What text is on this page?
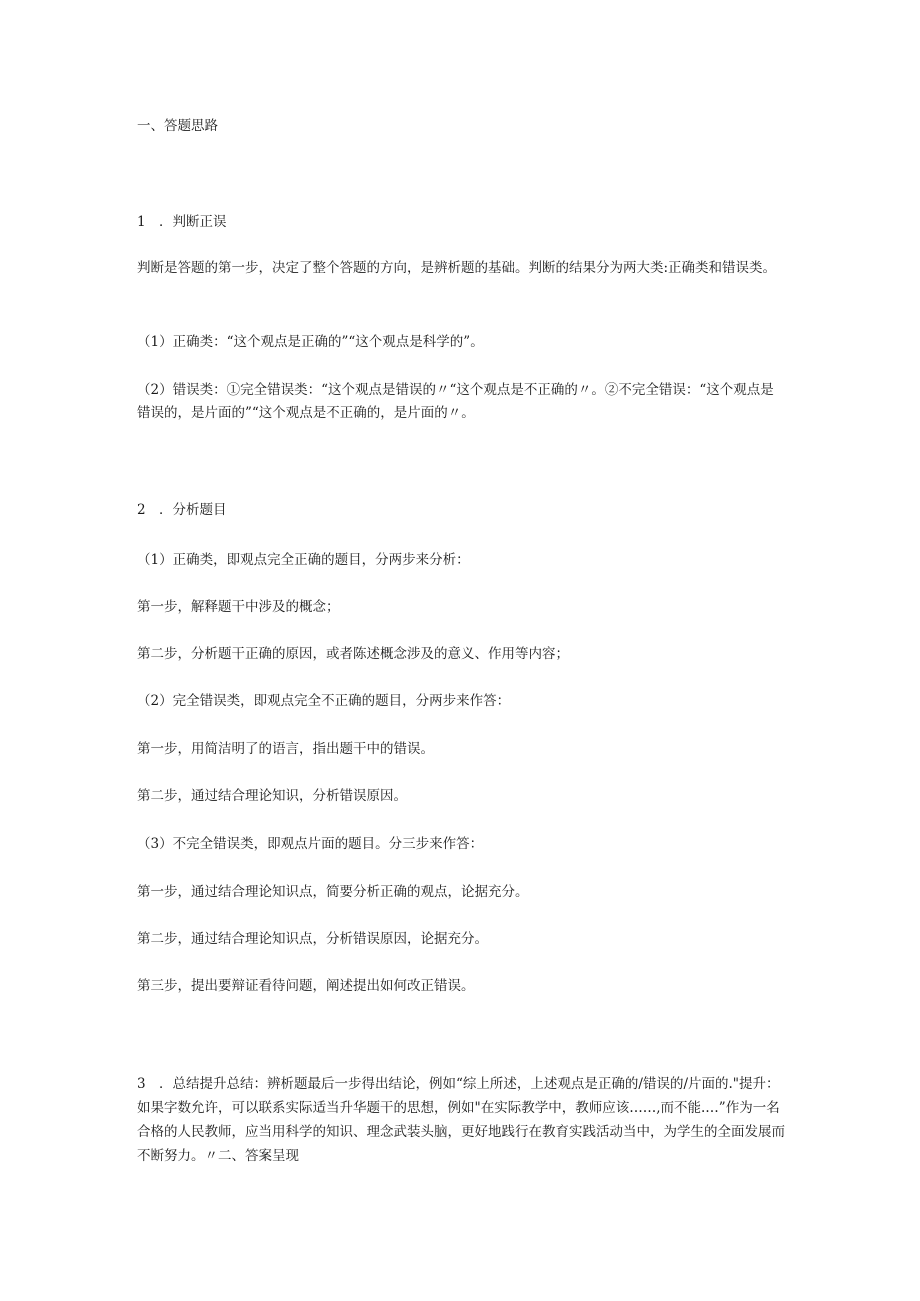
一、答题思路
1 ．判断正误
判断是答题的第一步，决定了整个答题的方向，是辨析题的基础。判断的结果分为两大类:正确类和错误类。
（1）正确类：“这个观点是正确的”“这个观点是科学的”。
（2）错误类：①完全错误类：“这个观点是错误的〃“这个观点是不正确的〃。②不完全错误：“这个观点是错误的，是片面的”“这个观点是不正确的，是片面的〃。
2 ．分析题目
（1）正确类，即观点完全正确的题目，分两步来分析：
第一步，解释题干中涉及的概念；
第二步，分析题干正确的原因，或者陈述概念涉及的意义、作用等内容；
（2）完全错误类，即观点完全不正确的题目，分两步来作答：
第一步，用简洁明了的语言，指出题干中的错误。
第二步，通过结合理论知识，分析错误原因。
（3）不完全错误类，即观点片面的题目。分三步来作答：
第一步，通过结合理论知识点，简要分析正确的观点，论据充分。
第二步，通过结合理论知识点，分析错误原因，论据充分。
第三步，提出要辩证看待问题，阐述提出如何改正错误。
3 ．总结提升总结：辨析题最后一步得出结论，例如“综上所述，上述观点是正确的/错误的/片面的."提升：如果字数允许，可以联系实际适当升华题干的思想，例如"在实际教学中，教师应该……,而不能.…”作为一名合格的人民教师，应当用科学的知识、理念武装头脑，更好地践行在教育实践活动当中，为学生的全面发展而不断努力。〃二、答案呈现
